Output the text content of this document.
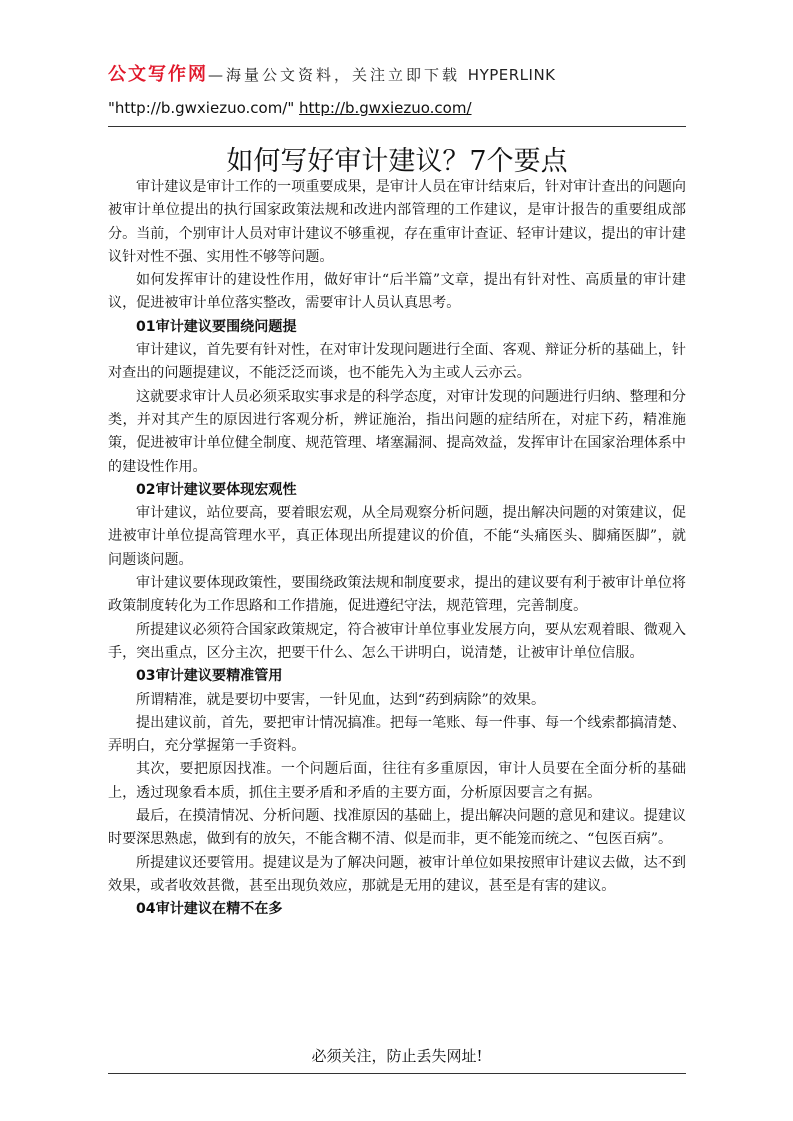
公文写作网—海量公文资料，关注立即下载 HYPERLINK
"http://b.gwxiezuo.com/" http://b.gwxiezuo.com/
如何写好审计建议？7个要点

审计建议是审计工作的一项重要成果，是审计人员在审计结束后，针对审计查出的问题向被审计单位提出的执行国家政策法规和改进内部管理的工作建议，是审计报告的重要组成部分。当前，个别审计人员对审计建议不够重视，存在重审计查证、轻审计建议，提出的审计建议针对性不强、实用性不够等问题。

如何发挥审计的建设性作用，做好审计“后半篇”文章，提出有针对性、高质量的审计建议，促进被审计单位落实整改，需要审计人员认真思考。

01审计建议要围绕问题提

审计建议，首先要有针对性，在对审计发现问题进行全面、客观、辩证分析的基础上，针对查出的问题提建议，不能泛泛而谈，也不能先入为主或人云亦云。

这就要求审计人员必须采取实事求是的科学态度，对审计发现的问题进行归纳、整理和分类，并对其产生的原因进行客观分析，辨证施治，指出问题的症结所在，对症下药，精准施策，促进被审计单位健全制度、规范管理、堵塞漏洞、提高效益，发挥审计在国家治理体系中的建设性作用。

02审计建议要体现宏观性

审计建议，站位要高，要着眼宏观，从全局观察分析问题，提出解决问题的对策建议，促进被审计单位提高管理水平，真正体现出所提建议的价值，不能“头痛医头、脚痛医脚”，就问题谈问题。

审计建议要体现政策性，要围绕政策法规和制度要求，提出的建议要有利于被审计单位将政策制度转化为工作思路和工作措施，促进遵纪守法，规范管理，完善制度。

所提建议必须符合国家政策规定，符合被审计单位事业发展方向，要从宏观着眼、微观入手，突出重点，区分主次，把要干什么、怎么干讲明白，说清楚，让被审计单位信服。

03审计建议要精准管用

所谓精准，就是要切中要害，一针见血，达到“药到病除”的效果。

提出建议前，首先，要把审计情况搞准。把每一笔账、每一件事、每一个线索都搞清楚、弄明白，充分掌握第一手资料。

其次，要把原因找准。一个问题后面，往往有多重原因，审计人员要在全面分析的基础上，透过现象看本质，抓住主要矛盾和矛盾的主要方面，分析原因要言之有据。

最后，在摸清情况、分析问题、找准原因的基础上，提出解决问题的意见和建议。提建议时要深思熟虑，做到有的放矢，不能含糊不清、似是而非，更不能笼而统之、“包医百病”。

所提建议还要管用。提建议是为了解决问题，被审计单位如果按照审计建议去做，达不到效果，或者收效甚微，甚至出现负效应，那就是无用的建议，甚至是有害的建议。

04审计建议在精不在多

必须关注，防止丢失网址!
